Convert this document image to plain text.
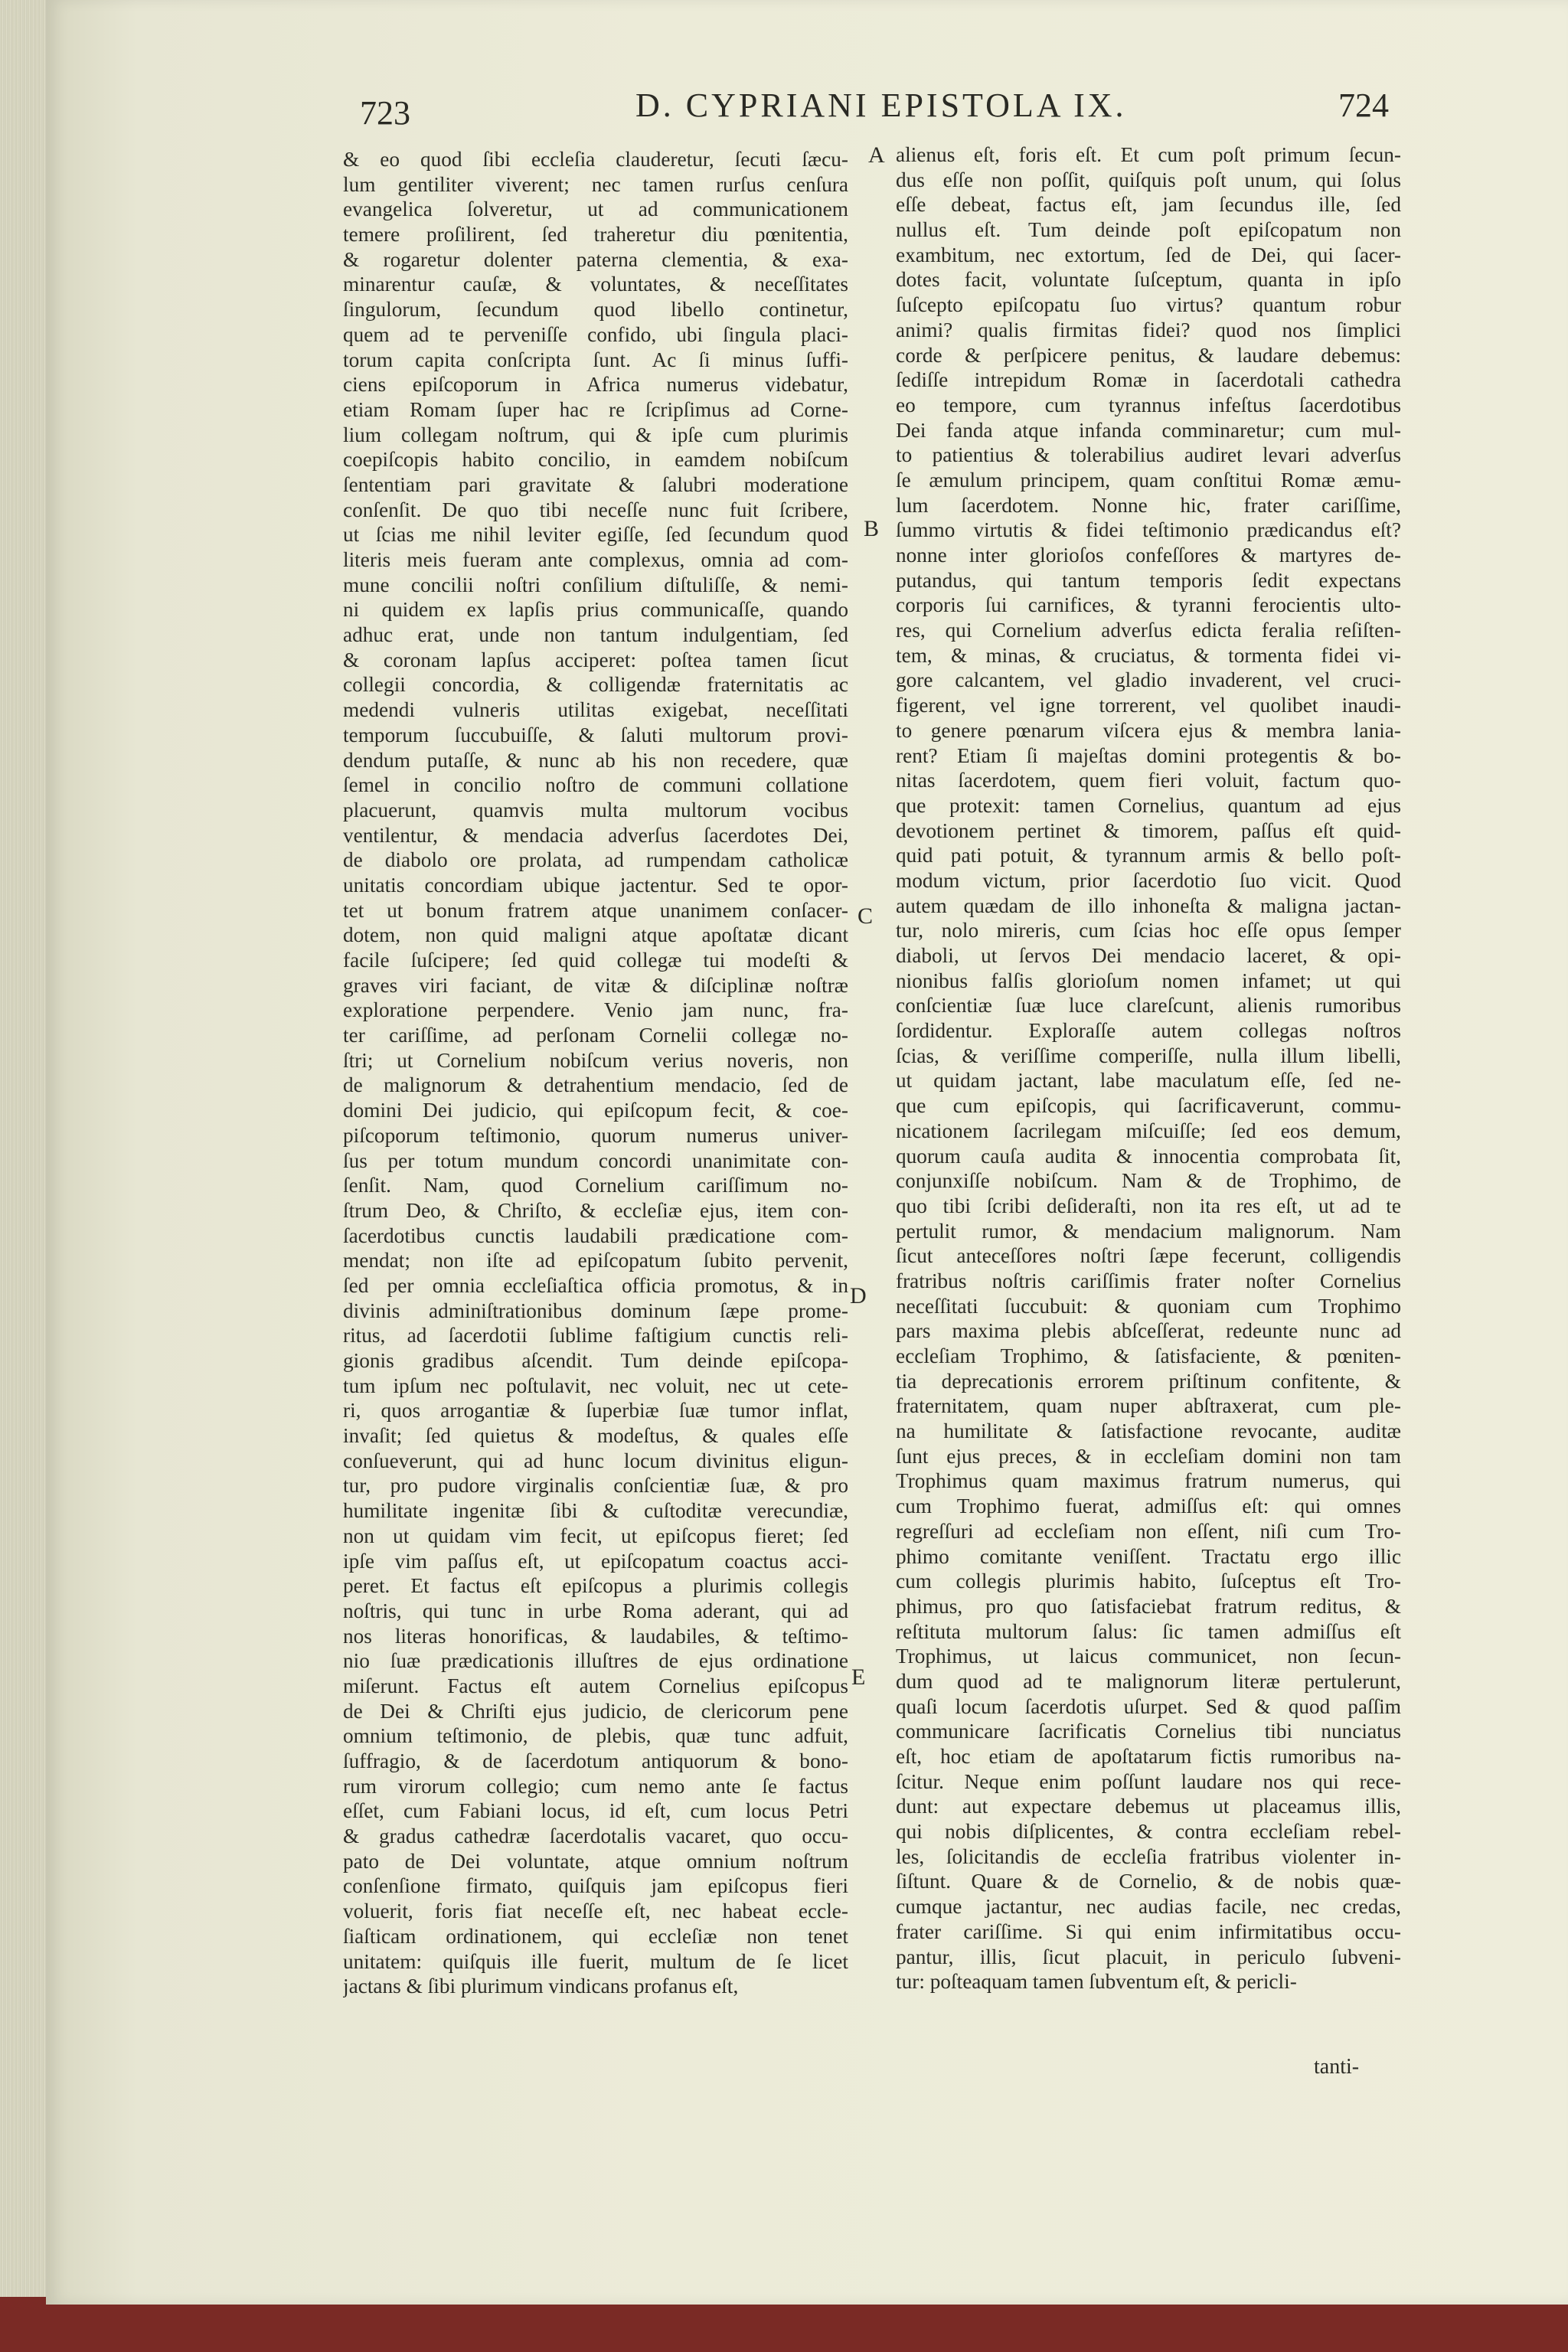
723	D. CYPRIANI EPISTOLA IX.	724
A
B
C
D
E
& eo quod ſibi eccleſia clauderetur, ſecuti ſæcu-
lum gentiliter viverent; nec tamen rurſus cenſura
evangelica ſolveretur, ut ad communicationem
temere proſilirent, ſed traheretur diu pœnitentia,
& rogaretur dolenter paterna clementia, & exa-
minarentur cauſæ, & voluntates, & neceſſitates
ſingulorum, ſecundum quod libello continetur,
quem ad te perveniſſe confido, ubi ſingula placi-
torum capita conſcripta ſunt. Ac ſi minus ſuffi-
ciens epiſcoporum in Africa numerus videbatur,
etiam Romam ſuper hac re ſcripſimus ad Corne-
lium collegam noſtrum, qui & ipſe cum plurimis
coepiſcopis habito concilio, in eamdem nobiſcum
ſententiam pari gravitate & ſalubri moderatione
conſenſit. De quo tibi neceſſe nunc fuit ſcribere,
ut ſcias me nihil leviter egiſſe, ſed ſecundum quod
literis meis fueram ante complexus, omnia ad com-
mune concilii noſtri conſilium diſtuliſſe, & nemi-
ni quidem ex lapſis prius communicaſſe, quando
adhuc erat, unde non tantum indulgentiam, ſed
& coronam lapſus acciperet: poſtea tamen ſicut
collegii concordia, & colligendæ fraternitatis ac
medendi vulneris utilitas exigebat, neceſſitati
temporum ſuccubuiſſe, & ſaluti multorum provi-
dendum putaſſe, & nunc ab his non recedere, quæ
ſemel in concilio noſtro de communi collatione
placuerunt, quamvis multa multorum vocibus
ventilentur, & mendacia adverſus ſacerdotes Dei,
de diabolo ore prolata, ad rumpendam catholicæ
unitatis concordiam ubique jactentur. Sed te opor-
tet ut bonum fratrem atque unanimem conſacer-
dotem, non quid maligni atque apoſtatæ dicant
facile ſuſcipere; ſed quid collegæ tui modeſti &
graves viri faciant, de vitæ & diſciplinæ noſtræ
exploratione perpendere. Venio jam nunc, fra-
ter cariſſime, ad perſonam Cornelii collegæ no-
ſtri; ut Cornelium nobiſcum verius noveris, non
de malignorum & detrahentium mendacio, ſed de
domini Dei judicio, qui epiſcopum fecit, & coe-
piſcoporum teſtimonio, quorum numerus univer-
ſus per totum mundum concordi unanimitate con-
ſenſit. Nam, quod Cornelium cariſſimum no-
ſtrum Deo, & Chriſto, & eccleſiæ ejus, item con-
ſacerdotibus cunctis laudabili prædicatione com-
mendat; non iſte ad epiſcopatum ſubito pervenit,
ſed per omnia eccleſiaſtica officia promotus, & in
divinis adminiſtrationibus dominum ſæpe prome-
ritus, ad ſacerdotii ſublime faſtigium cunctis reli-
gionis gradibus aſcendit. Tum deinde epiſcopa-
tum ipſum nec poſtulavit, nec voluit, nec ut cete-
ri, quos arrogantiæ & ſuperbiæ ſuæ tumor inflat,
invaſit; ſed quietus & modeſtus, & quales eſſe
conſueverunt, qui ad hunc locum divinitus eligun-
tur, pro pudore virginalis conſcientiæ ſuæ, & pro
humilitate ingenitæ ſibi & cuſtoditæ verecundiæ,
non ut quidam vim fecit, ut epiſcopus fieret; ſed
ipſe vim paſſus eſt, ut epiſcopatum coactus acci-
peret. Et factus eſt epiſcopus a plurimis collegis
noſtris, qui tunc in urbe Roma aderant, qui ad
nos literas honorificas, & laudabiles, & teſtimo-
nio ſuæ prædicationis illuſtres de ejus ordinatione
miſerunt. Factus eſt autem Cornelius epiſcopus
de Dei & Chriſti ejus judicio, de clericorum pene
omnium teſtimonio, de plebis, quæ tunc adfuit,
ſuffragio, & de ſacerdotum antiquorum & bono-
rum virorum collegio; cum nemo ante ſe factus
eſſet, cum Fabiani locus, id eſt, cum locus Petri
& gradus cathedræ ſacerdotalis vacaret, quo occu-
pato de Dei voluntate, atque omnium noſtrum
conſenſione firmato, quiſquis jam epiſcopus fieri
voluerit, foris fiat neceſſe eſt, nec habeat eccle-
ſiaſticam ordinationem, qui eccleſiæ non tenet
unitatem: quiſquis ille fuerit, multum de ſe licet
jactans & ſibi plurimum vindicans profanus eſt,
alienus eſt, foris eſt. Et cum poſt primum ſecun-
dus eſſe non poſſit, quiſquis poſt unum, qui ſolus
eſſe debeat, factus eſt, jam ſecundus ille, ſed
nullus eſt. Tum deinde poſt epiſcopatum non
exambitum, nec extortum, ſed de Dei, qui ſacer-
dotes facit, voluntate ſuſceptum, quanta in ipſo
ſuſcepto epiſcopatu ſuo virtus? quantum robur
animi? qualis firmitas fidei? quod nos ſimplici
corde & perſpicere penitus, & laudare debemus:
ſediſſe intrepidum Romæ in ſacerdotali cathedra
eo tempore, cum tyrannus infeſtus ſacerdotibus
Dei fanda atque infanda comminaretur; cum mul-
to patientius & tolerabilius audiret levari adverſus
ſe æmulum principem, quam conſtitui Romæ æmu-
lum ſacerdotem. Nonne hic, frater cariſſime,
ſummo virtutis & fidei teſtimonio prædicandus eſt?
nonne inter glorioſos confeſſores & martyres de-
putandus, qui tantum temporis ſedit expectans
corporis ſui carnifices, & tyranni ferocientis ulto-
res, qui Cornelium adverſus edicta feralia reſiſten-
tem, & minas, & cruciatus, & tormenta fidei vi-
gore calcantem, vel gladio invaderent, vel cruci-
figerent, vel igne torrerent, vel quolibet inaudi-
to genere pœnarum viſcera ejus & membra lania-
rent? Etiam ſi majeſtas domini protegentis & bo-
nitas ſacerdotem, quem fieri voluit, factum quo-
que protexit: tamen Cornelius, quantum ad ejus
devotionem pertinet & timorem, paſſus eſt quid-
quid pati potuit, & tyrannum armis & bello poſt-
modum victum, prior ſacerdotio ſuo vicit. Quod
autem quædam de illo inhoneſta & maligna jactan-
tur, nolo mireris, cum ſcias hoc eſſe opus ſemper
diaboli, ut ſervos Dei mendacio laceret, & opi-
nionibus falſis glorioſum nomen infamet; ut qui
conſcientiæ ſuæ luce clareſcunt, alienis rumoribus
ſordidentur. Exploraſſe autem collegas noſtros
ſcias, & veriſſime comperiſſe, nulla illum libelli,
ut quidam jactant, labe maculatum eſſe, ſed ne-
que cum epiſcopis, qui ſacrificaverunt, commu-
nicationem ſacrilegam miſcuiſſe; ſed eos demum,
quorum cauſa audita & innocentia comprobata ſit,
conjunxiſſe nobiſcum. Nam & de Trophimo, de
quo tibi ſcribi deſideraſti, non ita res eſt, ut ad te
pertulit rumor, & mendacium malignorum. Nam
ſicut anteceſſores noſtri ſæpe fecerunt, colligendis
fratribus noſtris cariſſimis frater noſter Cornelius
neceſſitati ſuccubuit: & quoniam cum Trophimo
pars maxima plebis abſceſſerat, redeunte nunc ad
eccleſiam Trophimo, & ſatisfaciente, & pœniten-
tia deprecationis errorem priſtinum confitente, &
fraternitatem, quam nuper abſtraxerat, cum ple-
na humilitate & ſatisfactione revocante, auditæ
ſunt ejus preces, & in eccleſiam domini non tam
Trophimus quam maximus fratrum numerus, qui
cum Trophimo fuerat, admiſſus eſt: qui omnes
regreſſuri ad eccleſiam non eſſent, niſi cum Tro-
phimo comitante veniſſent. Tractatu ergo illic
cum collegis plurimis habito, ſuſceptus eſt Tro-
phimus, pro quo ſatisfaciebat fratrum reditus, &
reſtituta multorum ſalus: ſic tamen admiſſus eſt
Trophimus, ut laicus communicet, non ſecun-
dum quod ad te malignorum literæ pertulerunt,
quaſi locum ſacerdotis uſurpet. Sed & quod paſſim
communicare ſacrificatis Cornelius tibi nunciatus
eſt, hoc etiam de apoſtatarum fictis rumoribus na-
ſcitur. Neque enim poſſunt laudare nos qui rece-
dunt: aut expectare debemus ut placeamus illis,
qui nobis diſplicentes, & contra eccleſiam rebel-
les, ſolicitandis de eccleſia fratribus violenter in-
ſiſtunt. Quare & de Cornelio, & de nobis quæ-
cumque jactantur, nec audias facile, nec credas,
frater cariſſime. Si qui enim infirmitatibus occu-
pantur, illis, ſicut placuit, in periculo ſubveni-
tur: poſteaquam tamen ſubventum eſt, & pericli-
tanti-
